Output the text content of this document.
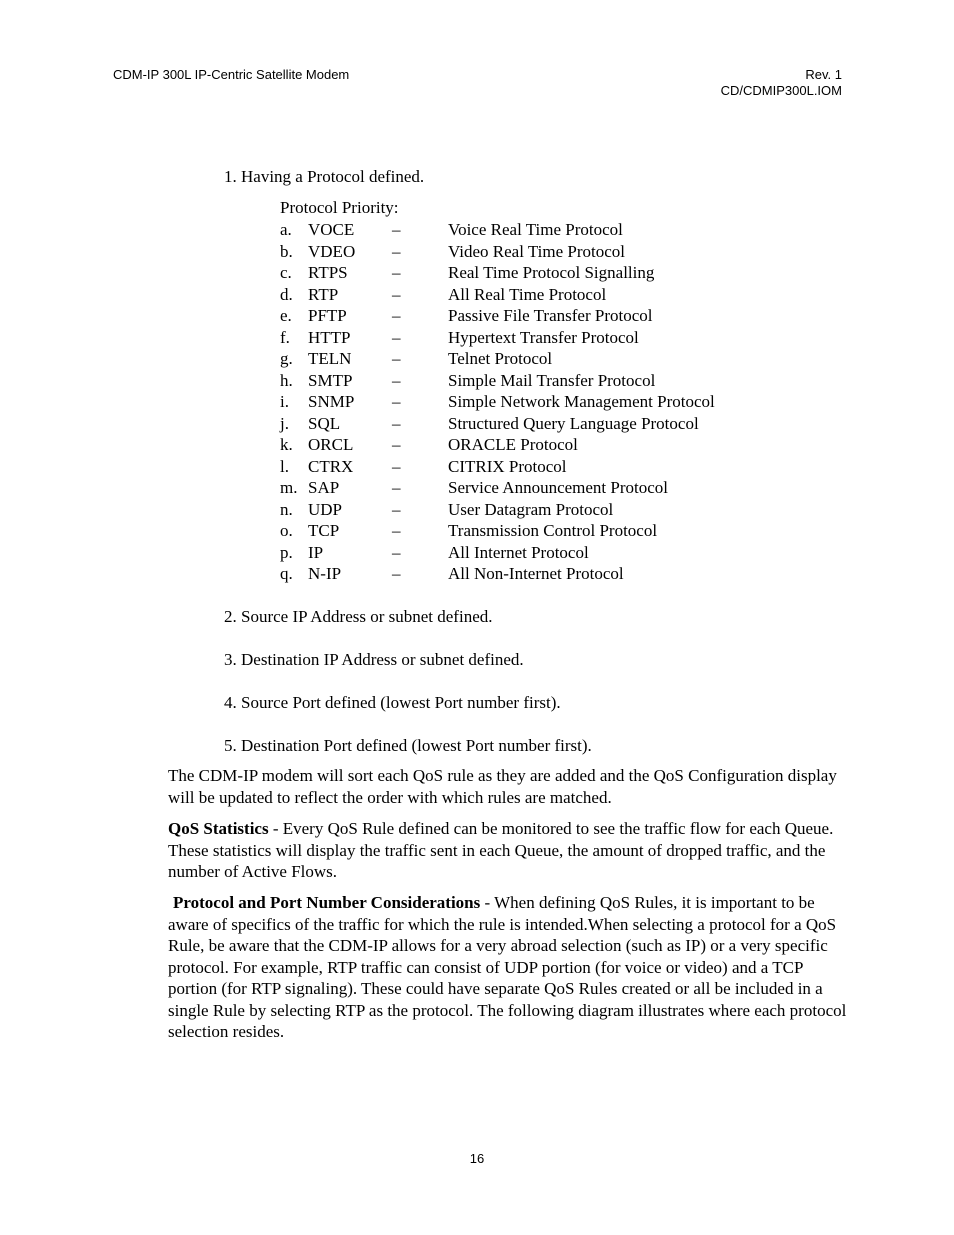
CDM-IP 300L IP-Centric Satellite Modem	Rev. 1
CD/CDMIP300L.IOM
1. Having a Protocol defined.
Protocol Priority:
a. VOCE –	Voice Real Time Protocol
b. VDEO –	Video Real Time Protocol
c. RTPS	–	Real Time Protocol Signalling
d. RTP	–	All Real Time Protocol
e. PFTP	–	Passive File Transfer Protocol
f. HTTP –	Hypertext Transfer Protocol
g. TELN –	Telnet Protocol
h. SMTP –	Simple Mail Transfer Protocol
i. SNMP –	Simple Network Management Protocol
j. SQL	–	Structured Query Language Protocol
k. ORCL –	ORACLE Protocol
l. CTRX –	CITRIX Protocol
m. SAP	–	Service Announcement Protocol
n. UDP	–	User Datagram Protocol
o. TCP	–	Transmission Control Protocol
p. IP	–	All Internet Protocol
q. N-IP	–	All Non-Internet Protocol
2. Source IP Address or subnet defined.
3. Destination IP Address or subnet defined.
4. Source Port defined (lowest Port number first).
5. Destination Port defined (lowest Port number first).
The CDM-IP modem will sort each QoS rule as they are added and the QoS Configuration display will be updated to reflect the order with which rules are matched.
QoS Statistics - Every QoS Rule defined can be monitored to see the traffic flow for each Queue. These statistics will display the traffic sent in each Queue, the amount of dropped traffic, and the number of Active Flows.
Protocol and Port Number Considerations - When defining QoS Rules, it is important to be aware of specifics of the traffic for which the rule is intended.When selecting a protocol for a QoS Rule, be aware that the CDM-IP allows for a very abroad selection (such as IP) or a very specific protocol. For example, RTP traffic can consist of UDP portion (for voice or video) and a TCP portion (for RTP signaling). These could have separate QoS Rules created or all be included in a single Rule by selecting RTP as the protocol. The following diagram illustrates where each protocol selection resides.
16
